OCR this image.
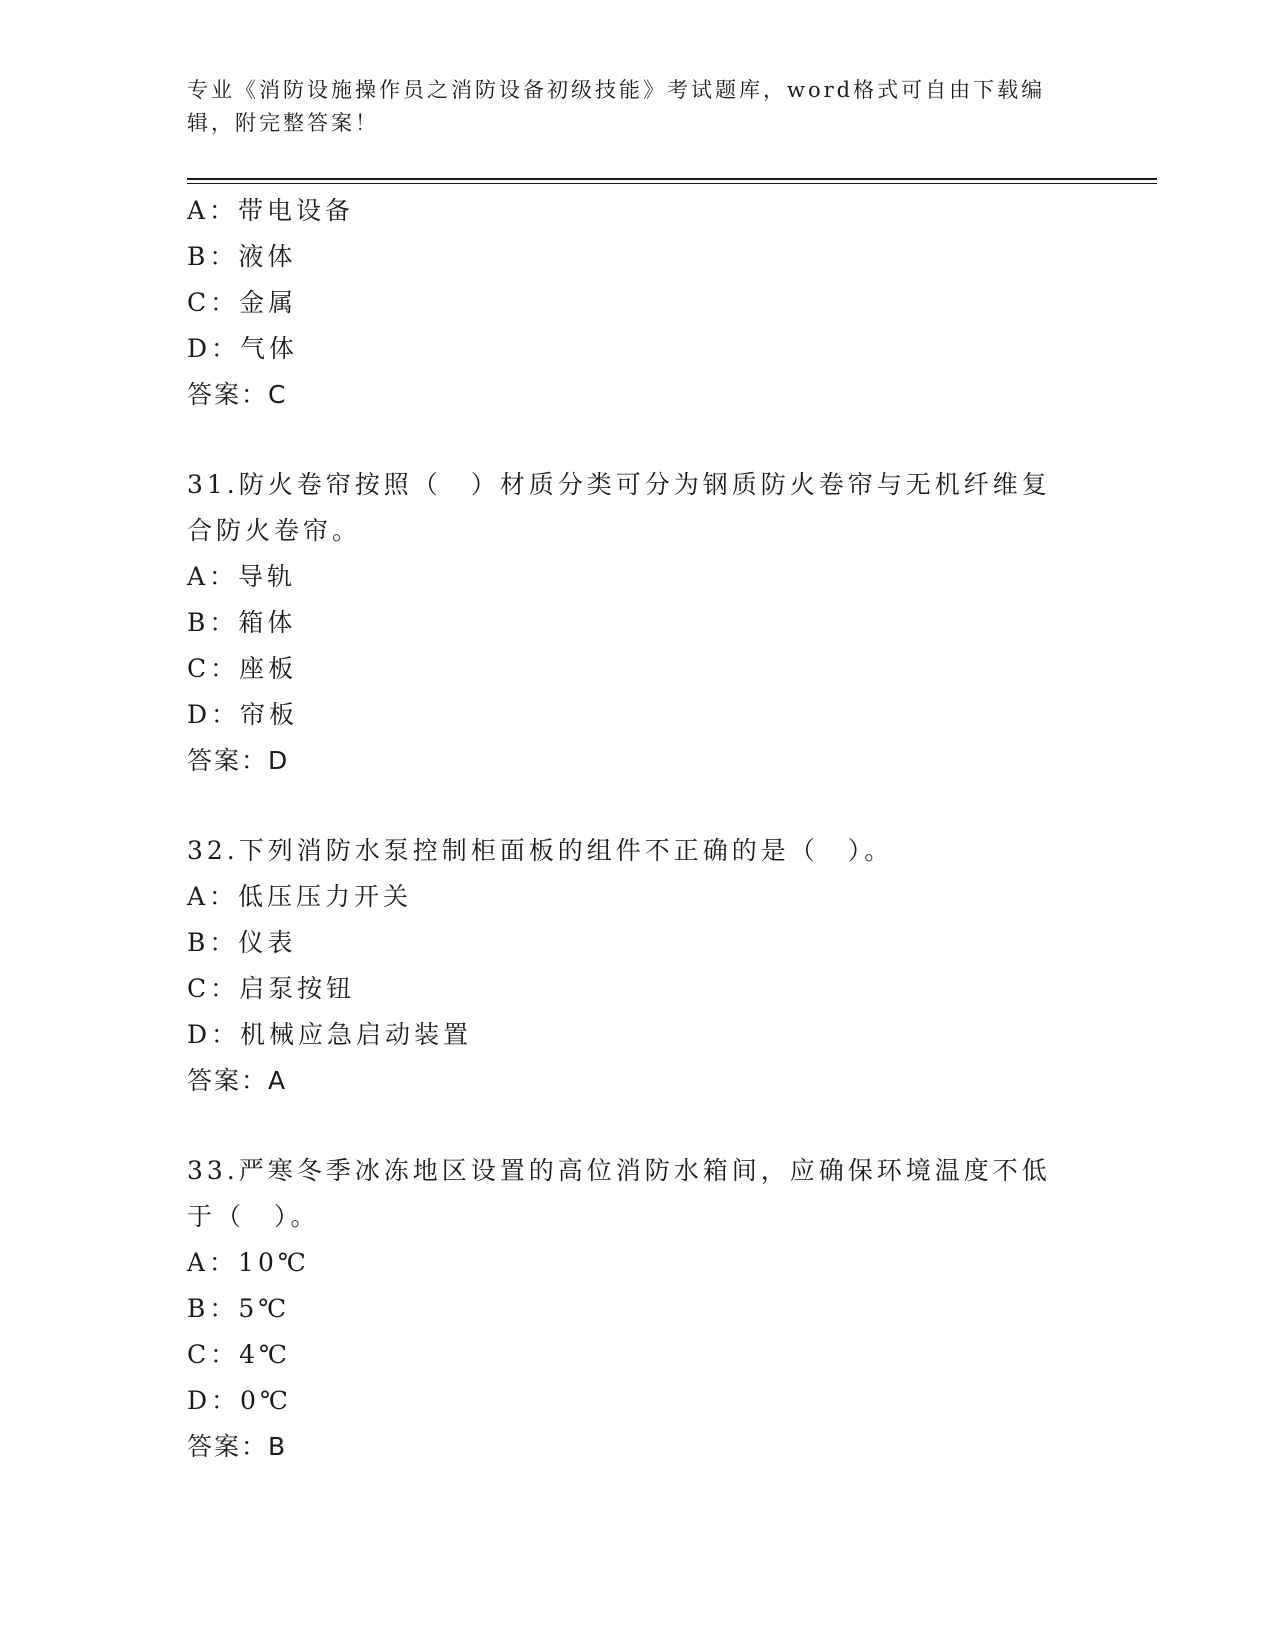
专业《消防设施操作员之消防设备初级技能》考试题库，word格式可自由下载编辑，附完整答案！
A：带电设备
B：液体
C：金属
D：气体
答案：C
31.防火卷帘按照（　）材质分类可分为钢质防火卷帘与无机纤维复合防火卷帘。
A：导轨
B：箱体
C：座板
D：帘板
答案：D
32.下列消防水泵控制柜面板的组件不正确的是（　）。
A：低压压力开关
B：仪表
C：启泵按钮
D：机械应急启动装置
答案：A
33.严寒冬季冰冻地区设置的高位消防水箱间，应确保环境温度不低于（　）。
A：10℃
B：5℃
C：4℃
D：0℃
答案：B
